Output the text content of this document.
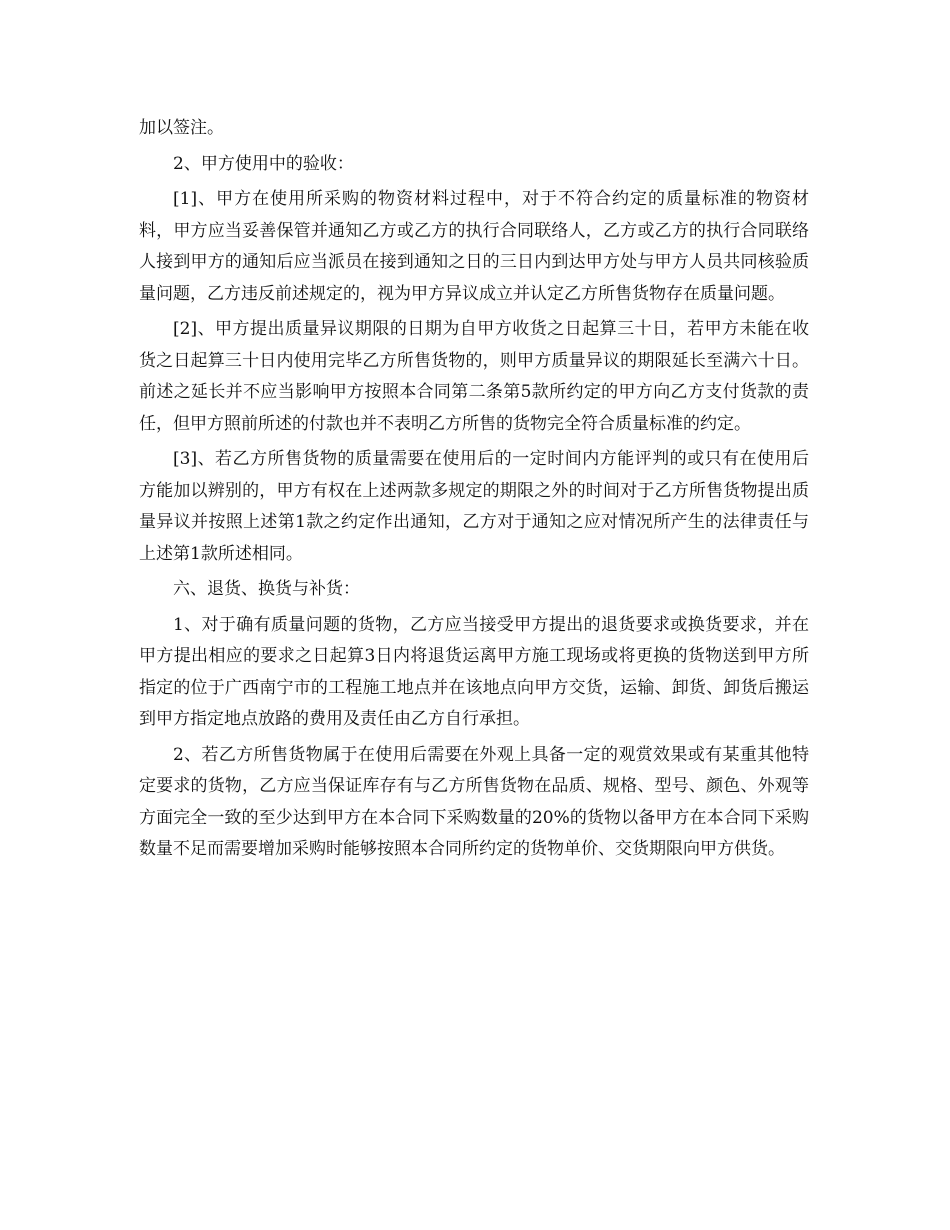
加以签注。

2、甲方使用中的验收：

[1]、甲方在使用所采购的物资材料过程中，对于不符合约定的质量标准的物资材料，甲方应当妥善保管并通知乙方或乙方的执行合同联络人，乙方或乙方的执行合同联络人接到甲方的通知后应当派员在接到通知之日的三日内到达甲方处与甲方人员共同核验质量问题，乙方违反前述规定的，视为甲方异议成立并认定乙方所售货物存在质量问题。

[2]、甲方提出质量异议期限的日期为自甲方收货之日起算三十日，若甲方未能在收货之日起算三十日内使用完毕乙方所售货物的，则甲方质量异议的期限延长至满六十日。前述之延长并不应当影响甲方按照本合同第二条第5款所约定的甲方向乙方支付货款的责任，但甲方照前所述的付款也并不表明乙方所售的货物完全符合质量标准的约定。

[3]、若乙方所售货物的质量需要在使用后的一定时间内方能评判的或只有在使用后方能加以辨别的，甲方有权在上述两款多规定的期限之外的时间对于乙方所售货物提出质量异议并按照上述第1款之约定作出通知，乙方对于通知之应对情况所产生的法律责任与上述第1款所述相同。

六、退货、换货与补货：

1、对于确有质量问题的货物，乙方应当接受甲方提出的退货要求或换货要求，并在甲方提出相应的要求之日起算3日内将退货运离甲方施工现场或将更换的货物送到甲方所指定的位于广西南宁市的工程施工地点并在该地点向甲方交货，运输、卸货、卸货后搬运到甲方指定地点放路的费用及责任由乙方自行承担。

2、若乙方所售货物属于在使用后需要在外观上具备一定的观赏效果或有某重其他特定要求的货物，乙方应当保证库存有与乙方所售货物在品质、规格、型号、颜色、外观等方面完全一致的至少达到甲方在本合同下采购数量的20%的货物以备甲方在本合同下采购数量不足而需要增加采购时能够按照本合同所约定的货物单价、交货期限向甲方供货。
